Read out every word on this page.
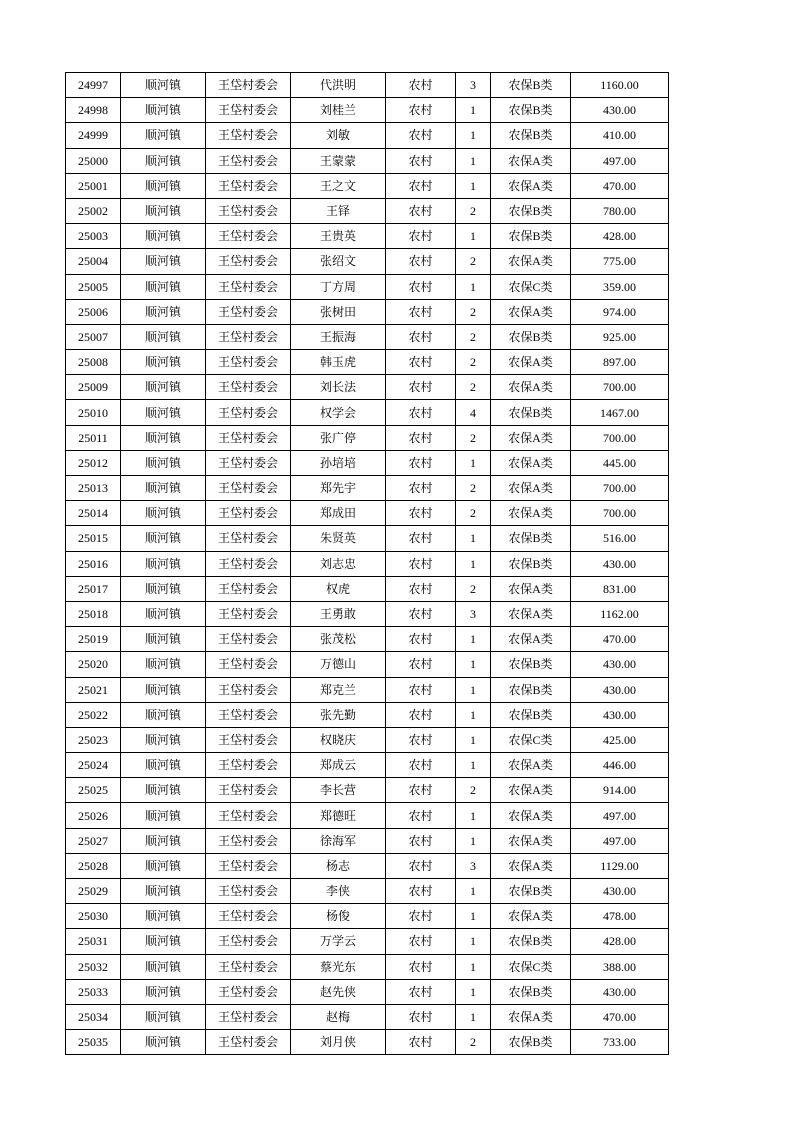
24997	顺河镇	王垈村委会	代洪明	农村	3	农保B类	1160.00
24998	顺河镇	王垈村委会	刘桂兰	农村	1	农保B类	430.00
24999	顺河镇	王垈村委会	刘敏	农村	1	农保B类	410.00
25000	顺河镇	王垈村委会	王蒙蒙	农村	1	农保A类	497.00
25001	顺河镇	王垈村委会	王之文	农村	1	农保A类	470.00
25002	顺河镇	王垈村委会	王铎	农村	2	农保B类	780.00
25003	顺河镇	王垈村委会	王贵英	农村	1	农保B类	428.00
25004	顺河镇	王垈村委会	张绍文	农村	2	农保A类	775.00
25005	顺河镇	王垈村委会	丁方周	农村	1	农保C类	359.00
25006	顺河镇	王垈村委会	张树田	农村	2	农保A类	974.00
25007	顺河镇	王垈村委会	王振海	农村	2	农保B类	925.00
25008	顺河镇	王垈村委会	韩玉虎	农村	2	农保A类	897.00
25009	顺河镇	王垈村委会	刘长法	农村	2	农保A类	700.00
25010	顺河镇	王垈村委会	权学会	农村	4	农保B类	1467.00
25011	顺河镇	王垈村委会	张广停	农村	2	农保A类	700.00
25012	顺河镇	王垈村委会	孙培培	农村	1	农保A类	445.00
25013	顺河镇	王垈村委会	郑先宇	农村	2	农保A类	700.00
25014	顺河镇	王垈村委会	郑成田	农村	2	农保A类	700.00
25015	顺河镇	王垈村委会	朱贤英	农村	1	农保B类	516.00
25016	顺河镇	王垈村委会	刘志忠	农村	1	农保B类	430.00
25017	顺河镇	王垈村委会	权虎	农村	2	农保A类	831.00
25018	顺河镇	王垈村委会	王勇敢	农村	3	农保A类	1162.00
25019	顺河镇	王垈村委会	张茂松	农村	1	农保A类	470.00
25020	顺河镇	王垈村委会	万德山	农村	1	农保B类	430.00
25021	顺河镇	王垈村委会	郑克兰	农村	1	农保B类	430.00
25022	顺河镇	王垈村委会	张先勤	农村	1	农保B类	430.00
25023	顺河镇	王垈村委会	权晓庆	农村	1	农保C类	425.00
25024	顺河镇	王垈村委会	郑成云	农村	1	农保A类	446.00
25025	顺河镇	王垈村委会	李长营	农村	2	农保A类	914.00
25026	顺河镇	王垈村委会	郑德旺	农村	1	农保A类	497.00
25027	顺河镇	王垈村委会	徐海军	农村	1	农保A类	497.00
25028	顺河镇	王垈村委会	杨志	农村	3	农保A类	1129.00
25029	顺河镇	王垈村委会	李侠	农村	1	农保B类	430.00
25030	顺河镇	王垈村委会	杨俊	农村	1	农保A类	478.00
25031	顺河镇	王垈村委会	万学云	农村	1	农保B类	428.00
25032	顺河镇	王垈村委会	蔡光东	农村	1	农保C类	388.00
25033	顺河镇	王垈村委会	赵先侠	农村	1	农保B类	430.00
25034	顺河镇	王垈村委会	赵梅	农村	1	农保A类	470.00
25035	顺河镇	王垈村委会	刘月侠	农村	2	农保B类	733.00
